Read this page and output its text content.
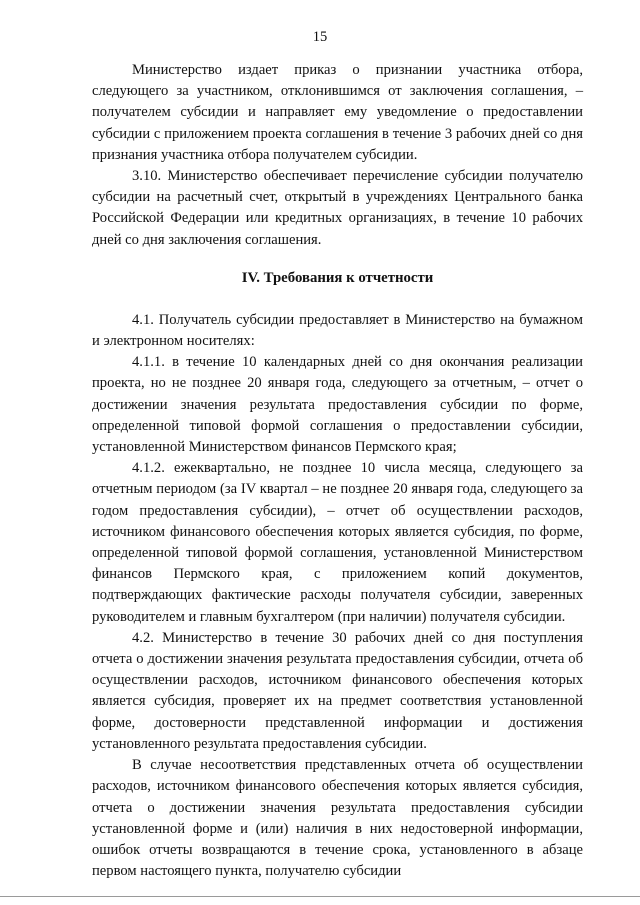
15

Министерство издает приказ о признании участника отбора, следующего за участником, отклонившимся от заключения соглашения, – получателем субсидии и направляет ему уведомление о предоставлении субсидии с приложением проекта соглашения в течение 3 рабочих дней со дня признания участника отбора получателем субсидии.

3.10. Министерство обеспечивает перечисление субсидии получателю субсидии на расчетный счет, открытый в учреждениях Центрального банка Российской Федерации или кредитных организациях, в течение 10 рабочих дней со дня заключения соглашения.

IV. Требования к отчетности

4.1. Получатель субсидии предоставляет в Министерство на бумажном и электронном носителях:

4.1.1. в течение 10 календарных дней со дня окончания реализации проекта, но не позднее 20 января года, следующего за отчетным, – отчет о достижении значения результата предоставления субсидии по форме, определенной типовой формой соглашения о предоставлении субсидии, установленной Министерством финансов Пермского края;

4.1.2. ежеквартально, не позднее 10 числа месяца, следующего за отчетным периодом (за IV квартал – не позднее 20 января года, следующего за годом предоставления субсидии), – отчет об осуществлении расходов, источником финансового обеспечения которых является субсидия, по форме, определенной типовой формой соглашения, установленной Министерством финансов Пермского края, с приложением копий документов, подтверждающих фактические расходы получателя субсидии, заверенных руководителем и главным бухгалтером (при наличии) получателя субсидии.

4.2. Министерство в течение 30 рабочих дней со дня поступления отчета о достижении значения результата предоставления субсидии, отчета об осуществлении расходов, источником финансового обеспечения которых является субсидия, проверяет их на предмет соответствия установленной форме, достоверности представленной информации и достижения установленного результата предоставления субсидии.

В случае несоответствия представленных отчета об осуществлении расходов, источником финансового обеспечения которых является субсидия, отчета о достижении значения результата предоставления субсидии установленной форме и (или) наличия в них недостоверной информации, ошибок отчеты возвращаются в течение срока, установленного в абзаце первом настоящего пункта, получателю субсидии
